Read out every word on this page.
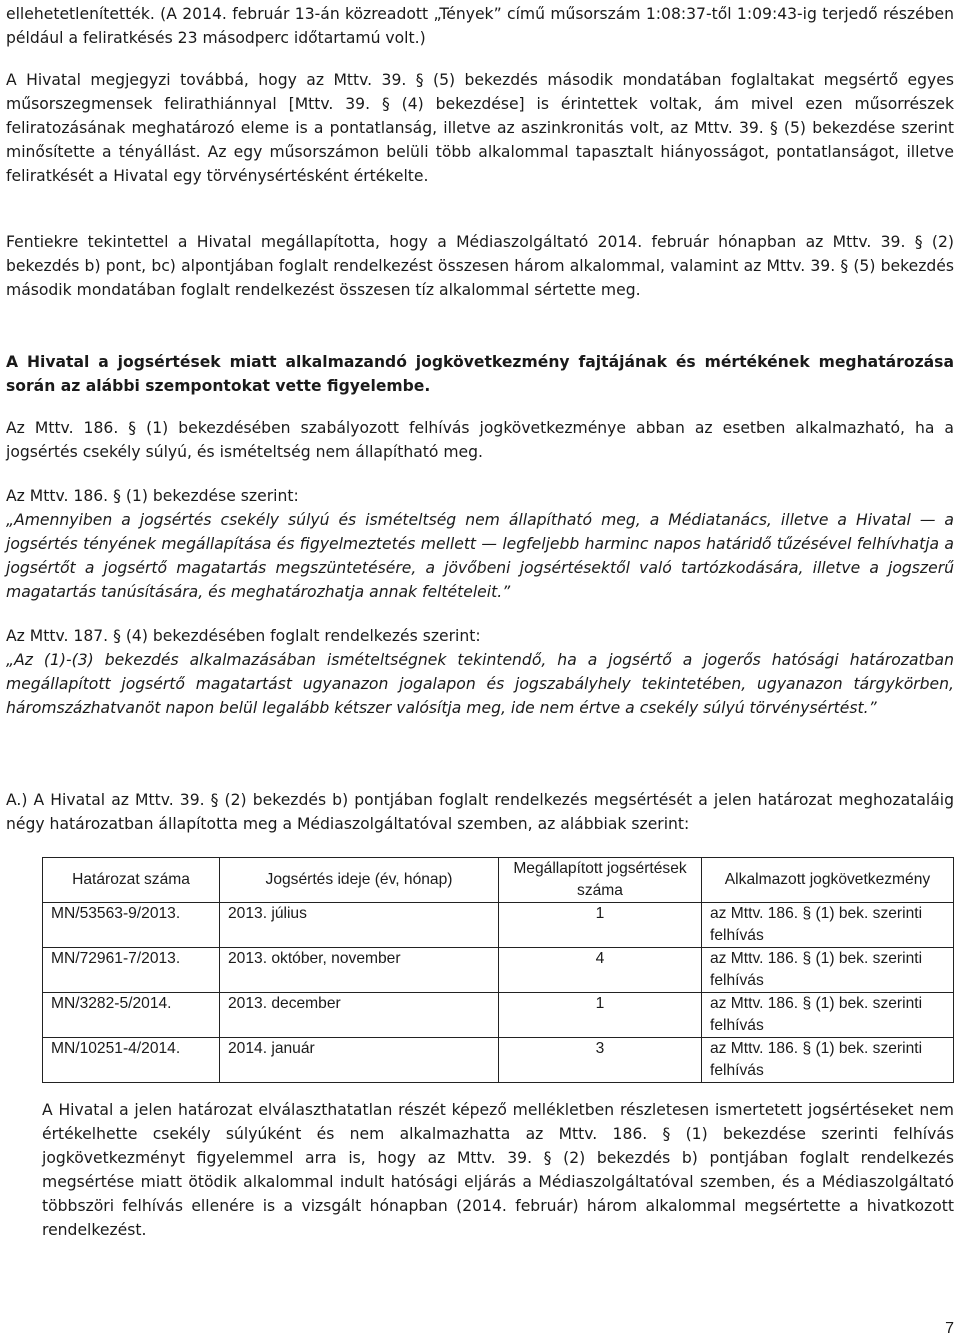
ellehetetlenítették. (A 2014. február 13-án közreadott „Tények” című műsorszám 1:08:37-től 1:09:43-ig terjedő részében például a feliratkésés 23 másodperc időtartamú volt.)

A Hivatal megjegyzi továbbá, hogy az Mttv. 39. § (5) bekezdés második mondatában foglaltakat megsértő egyes műsorszegmensek felirathiánnyal [Mttv. 39. § (4) bekezdése] is érintettek voltak, ám mivel ezen műsorrészek feliratozásának meghatározó eleme is a pontatlanság, illetve az aszinkronitás volt, az Mttv. 39. § (5) bekezdése szerint minősítette a tényállást. Az egy műsorszámon belüli több alkalommal tapasztalt hiányosságot, pontatlanságot, illetve feliratkését a Hivatal egy törvénysértésként értékelte.

Fentiekre tekintettel a Hivatal megállapította, hogy a Médiaszolgáltató 2014. február hónapban az Mttv. 39. § (2) bekezdés b) pont, bc) alpontjában foglalt rendelkezést összesen három alkalommal, valamint az Mttv. 39. § (5) bekezdés második mondatában foglalt rendelkezést összesen tíz alkalommal sértette meg.

A Hivatal a jogsértések miatt alkalmazandó jogkövetkezmény fajtájának és mértékének meghatározása során az alábbi szempontokat vette figyelembe.

Az Mttv. 186. § (1) bekezdésében szabályozott felhívás jogkövetkezménye abban az esetben alkalmazható, ha a jogsértés csekély súlyú, és ismételtség nem állapítható meg.

Az Mttv. 186. § (1) bekezdése szerint:

„Amennyiben a jogsértés csekély súlyú és ismételtség nem állapítható meg, a Médiatanács, illetve a Hivatal — a jogsértés tényének megállapítása és figyelmeztetés mellett — legfeljebb harminc napos határidő tűzésével felhívhatja a jogsértőt a jogsértő magatartás megszüntetésére, a jövőbeni jogsértésektől való tartózkodására, illetve a jogszerű magatartás tanúsítására, és meghatározhatja annak feltételeit.”

Az Mttv. 187. § (4) bekezdésében foglalt rendelkezés szerint:

„Az (1)-(3) bekezdés alkalmazásában ismételtségnek tekintendő, ha a jogsértő a jogerős hatósági határozatban megállapított jogsértő magatartást ugyanazon jogalapon és jogszabályhely tekintetében, ugyanazon tárgykörben, háromszázhatvanöt napon belül legalább kétszer valósítja meg, ide nem értve a csekély súlyú törvénysértést.”

A.) A Hivatal az Mttv. 39. § (2) bekezdés b) pontjában foglalt rendelkezés megsértését a jelen határozat meghozataláig négy határozatban állapította meg a Médiaszolgáltatóval szemben, az alábbiak szerint:

Határozat száma	Jogsértés ideje (év, hónap)	Megállapított jogsértések száma	Alkalmazott jogkövetkezmény
MN/53563-9/2013.	2013. július	1	az Mttv. 186. § (1) bek. szerinti felhívás
MN/72961-7/2013.	2013. október, november	4	az Mttv. 186. § (1) bek. szerinti felhívás
MN/3282-5/2014.	2013. december	1	az Mttv. 186. § (1) bek. szerinti felhívás
MN/10251-4/2014.	2014. január	3	az Mttv. 186. § (1) bek. szerinti felhívás

A Hivatal a jelen határozat elválaszthatatlan részét képező mellékletben részletesen ismertetett jogsértéseket nem értékelhette csekély súlyúként és nem alkalmazhatta az Mttv. 186. § (1) bekezdése szerinti felhívás jogkövetkezményt figyelemmel arra is, hogy az Mttv. 39. § (2) bekezdés b) pontjában foglalt rendelkezés megsértése miatt ötödik alkalommal indult hatósági eljárás a Médiaszolgáltatóval szemben, és a Médiaszolgáltató többszöri felhívás ellenére is a vizsgált hónapban (2014. február) három alkalommal megsértette a hivatkozott rendelkezést.

7
